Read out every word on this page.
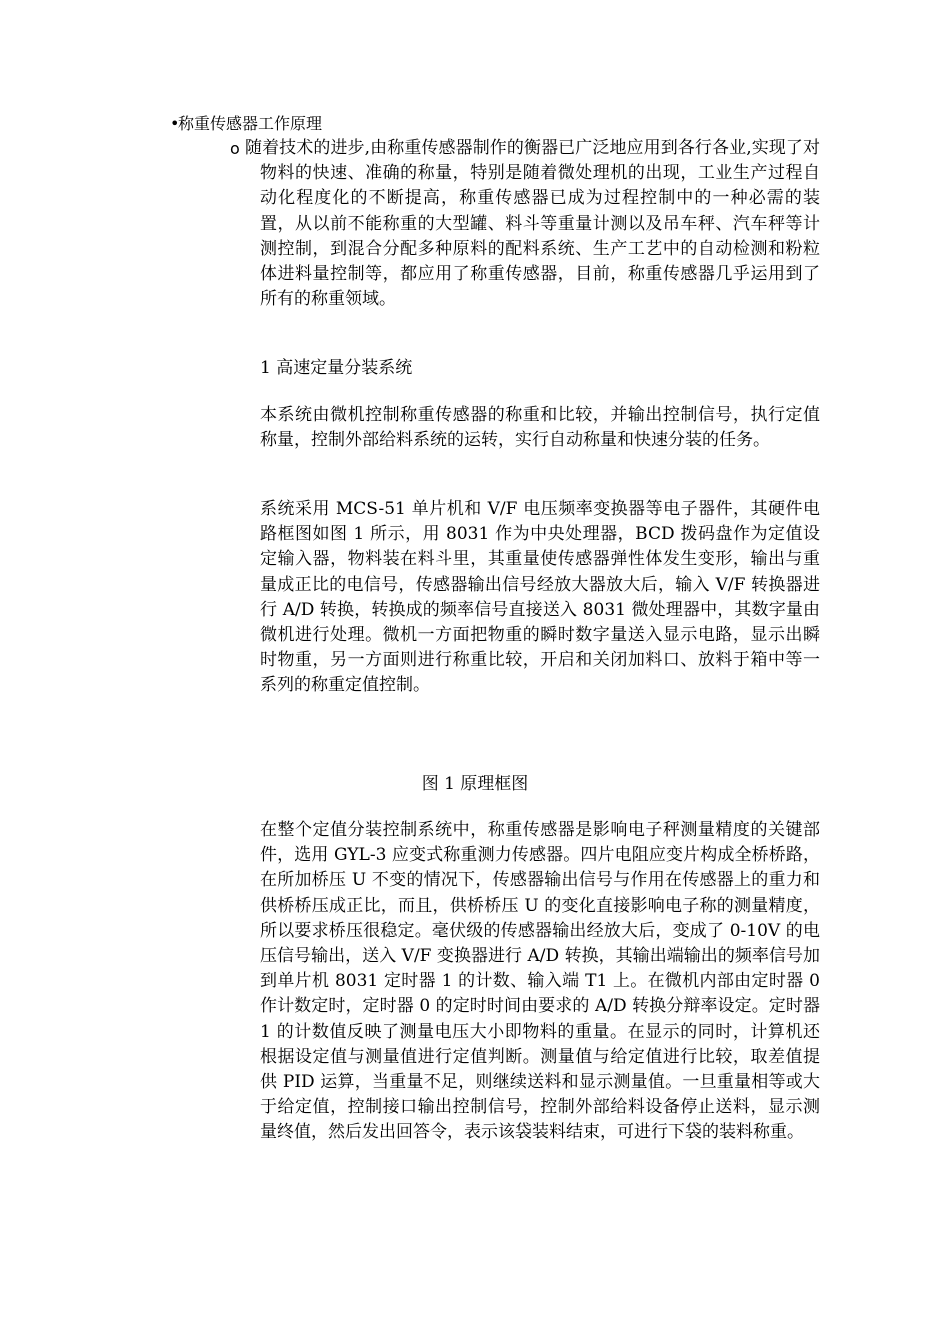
•称重传感器工作原理
o 随着技术的进步,由称重传感器制作的衡器已广泛地应用到各行各业,实现了对物料的快速、准确的称量，特别是随着微处理机的出现，工业生产过程自动化程度化的不断提高，称重传感器已成为过程控制中的一种必需的装置，从以前不能称重的大型罐、料斗等重量计测以及吊车秤、汽车秤等计测控制，到混合分配多种原料的配料系统、生产工艺中的自动检测和粉粒体进料量控制等，都应用了称重传感器，目前，称重传感器几乎运用到了所有的称重领域。

1 高速定量分装系统

本系统由微机控制称重传感器的称重和比较，并输出控制信号，执行定值称量，控制外部给料系统的运转，实行自动称量和快速分装的任务。

系统采用 MCS-51 单片机和 V/F 电压频率变换器等电子器件，其硬件电路框图如图 1 所示，用 8031 作为中央处理器，BCD 拨码盘作为定值设定输入器，物料装在料斗里，其重量使传感器弹性体发生变形，输出与重量成正比的电信号，传感器输出信号经放大器放大后，输入 V/F 转换器进行 A/D 转换，转换成的频率信号直接送入 8031 微处理器中，其数字量由微机进行处理。微机一方面把物重的瞬时数字量送入显示电路，显示出瞬时物重，另一方面则进行称重比较，开启和关闭加料口、放料于箱中等一系列的称重定值控制。

图 1 原理框图

在整个定值分装控制系统中，称重传感器是影响电子秤测量精度的关键部件，选用 GYL-3 应变式称重测力传感器。四片电阻应变片构成全桥桥路，在所加桥压 U 不变的情况下，传感器输出信号与作用在传感器上的重力和供桥桥压成正比，而且，供桥桥压 U 的变化直接影响电子称的测量精度，所以要求桥压很稳定。毫伏级的传感器输出经放大后，变成了 0-10V 的电压信号输出，送入 V/F 变换器进行 A/D 转换，其输出端输出的频率信号加到单片机 8031 定时器 1 的计数、输入端 T1 上。在微机内部由定时器 0 作计数定时，定时器 0 的定时时间由要求的 A/D 转换分辩率设定。定时器 1 的计数值反映了测量电压大小即物料的重量。在显示的同时，计算机还根据设定值与测量值进行定值判断。测量值与给定值进行比较，取差值提供 PID 运算，当重量不足，则继续送料和显示测量值。一旦重量相等或大于给定值，控制接口输出控制信号，控制外部给料设备停止送料，显示测量终值，然后发出回答令，表示该袋装料结束，可进行下袋的装料称重。
